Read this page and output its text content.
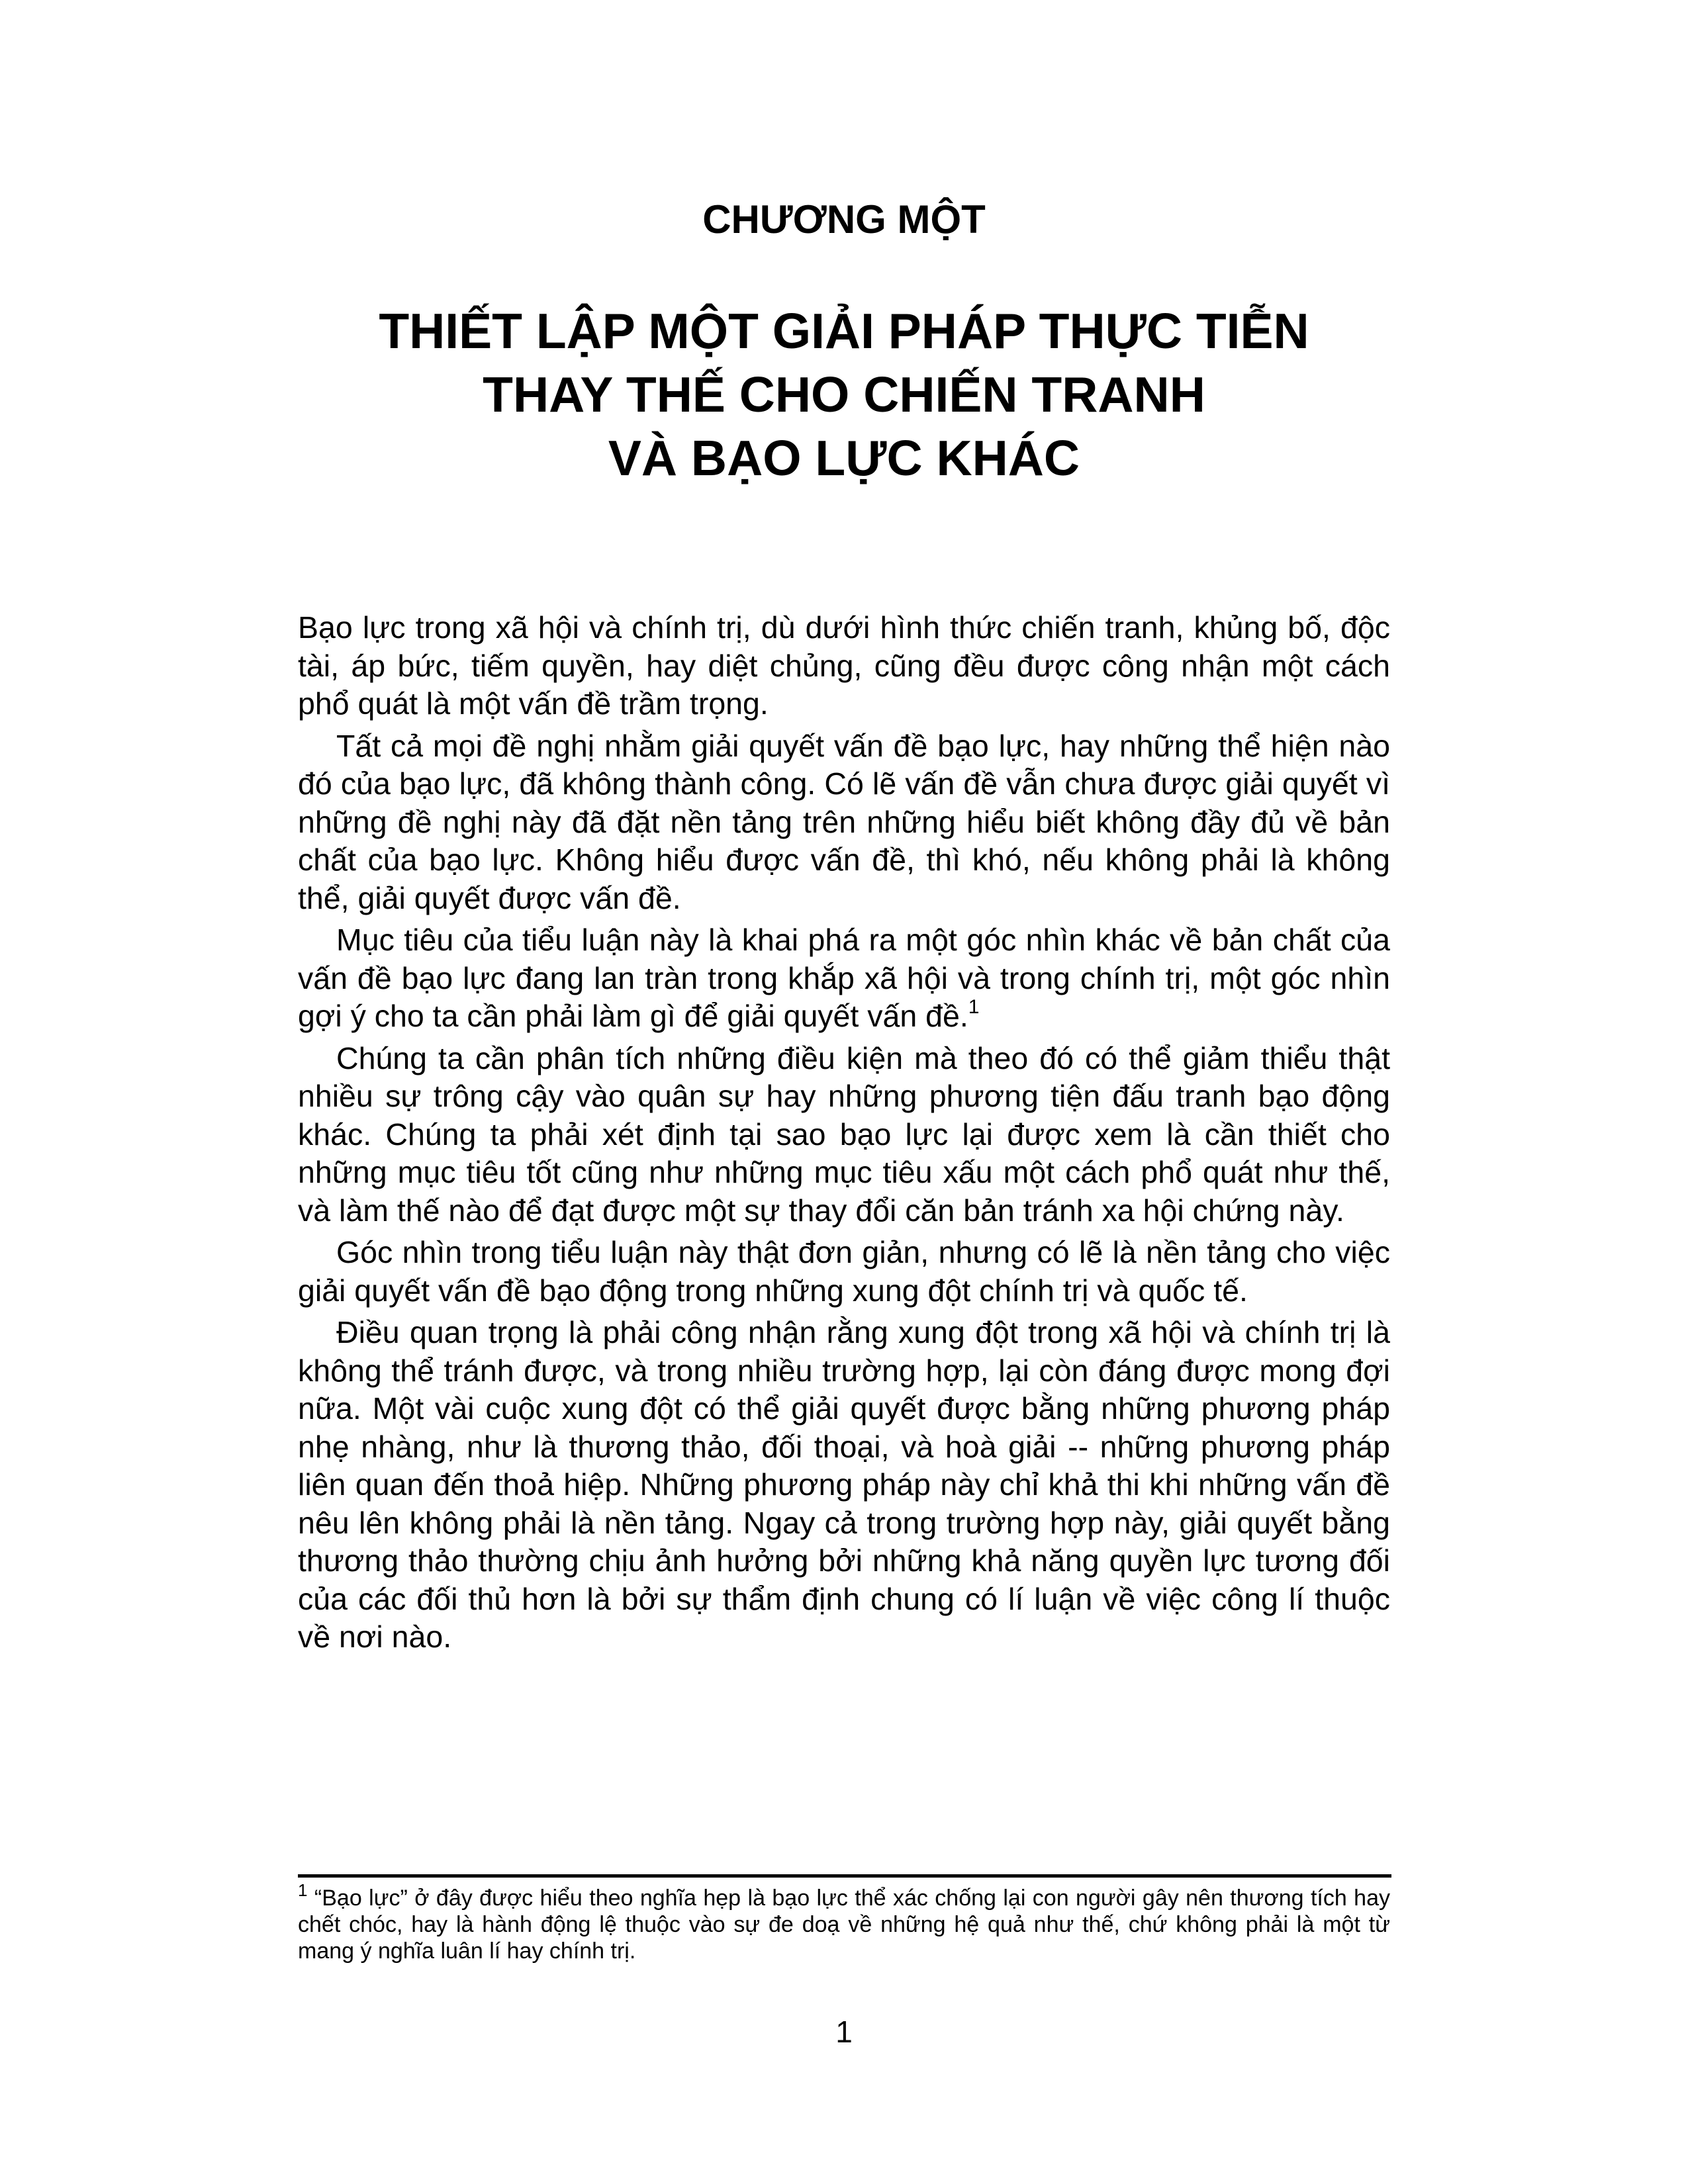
CHƯƠNG MỘT
THIẾT LẬP MỘT GIẢI PHÁP THỰC TIỄN
THAY THẾ CHO CHIẾN TRANH
VÀ BẠO LỰC KHÁC

Bạo lực trong xã hội và chính trị, dù dưới hình thức chiến tranh, khủng bố, độc tài, áp bức, tiếm quyền, hay diệt chủng, cũng đều được công nhận một cách phổ quát là một vấn đề trầm trọng.

Tất cả mọi đề nghị nhằm giải quyết vấn đề bạo lực, hay những thể hiện nào đó của bạo lực, đã không thành công. Có lẽ vấn đề vẫn chưa được giải quyết vì những đề nghị này đã đặt nền tảng trên những hiểu biết không đầy đủ về bản chất của bạo lực. Không hiểu được vấn đề, thì khó, nếu không phải là không thể, giải quyết được vấn đề.

Mục tiêu của tiểu luận này là khai phá ra một góc nhìn khác về bản chất của vấn đề bạo lực đang lan tràn trong khắp xã hội và trong chính trị, một góc nhìn gợi ý cho ta cần phải làm gì để giải quyết vấn đề.$^1$

Chúng ta cần phân tích những điều kiện mà theo đó có thể giảm thiểu thật nhiều sự trông cậy vào quân sự hay những phương tiện đấu tranh bạo động khác. Chúng ta phải xét định tại sao bạo lực lại được xem là cần thiết cho những mục tiêu tốt cũng như những mục tiêu xấu một cách phổ quát như thế, và làm thế nào để đạt được một sự thay đổi căn bản tránh xa hội chứng này.

Góc nhìn trong tiểu luận này thật đơn giản, nhưng có lẽ là nền tảng cho việc giải quyết vấn đề bạo động trong những xung đột chính trị và quốc tế.

Điều quan trọng là phải công nhận rằng xung đột trong xã hội và chính trị là không thể tránh được, và trong nhiều trường hợp, lại còn đáng được mong đợi nữa. Một vài cuộc xung đột có thể giải quyết được bằng những phương pháp nhẹ nhàng, như là thương thảo, đối thoại, và hoà giải -- những phương pháp liên quan đến thoả hiệp. Những phương pháp này chỉ khả thi khi những vấn đề nêu lên không phải là nền tảng. Ngay cả trong trường hợp này, giải quyết bằng thương thảo thường chịu ảnh hưởng bởi những khả năng quyền lực tương đối của các đối thủ hơn là bởi sự thẩm định chung có lí luận về việc công lí thuộc về nơi nào.

$^1$ “Bạo lực” ở đây được hiểu theo nghĩa hẹp là bạo lực thể xác chống lại con người gây nên thương tích hay chết chóc, hay là hành động lệ thuộc vào sự đe doạ về những hệ quả như thế, chứ không phải là một từ mang ý nghĩa luân lí hay chính trị.

1
